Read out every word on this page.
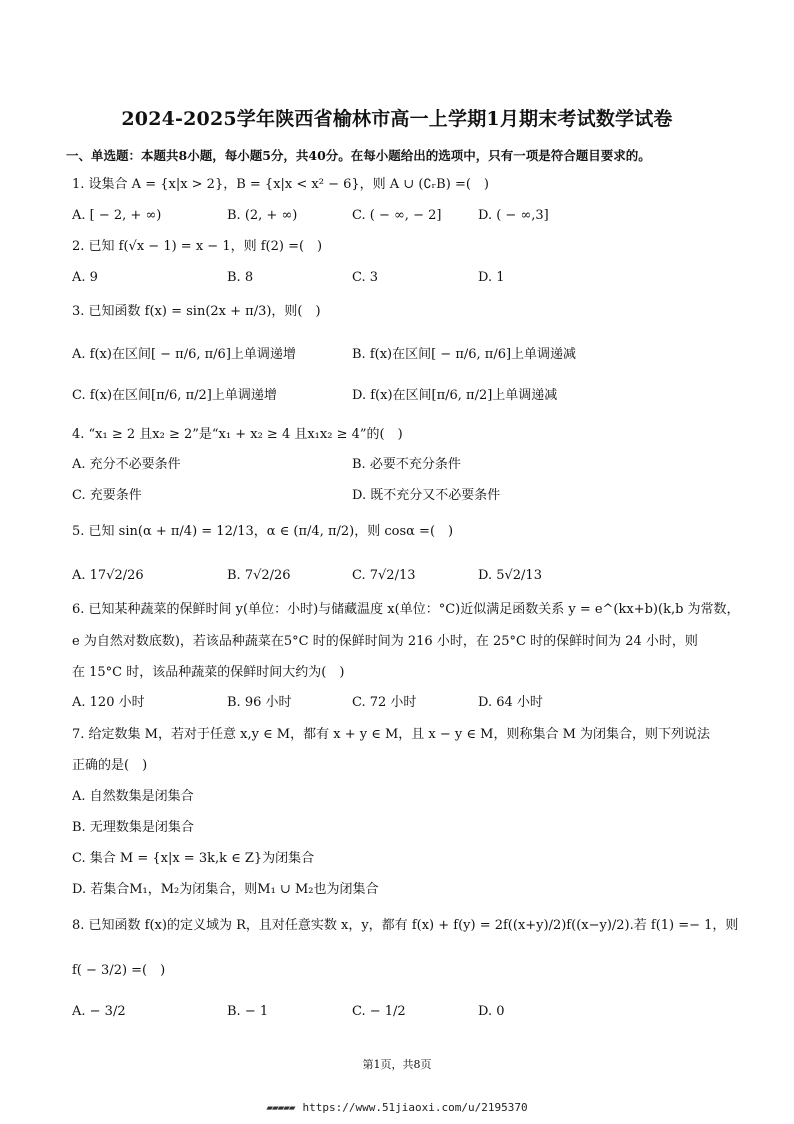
2024-2025学年陕西省榆林市高一上学期1月期末考试数学试卷
一、单选题：本题共8小题，每小题5分，共40分。在每小题给出的选项中，只有一项是符合题目要求的。
1. 设集合 A = {x|x > 2}，B = {x|x < x² − 6}，则 A ∪ (∁ᵣB) =(　)
A. [ − 2, + ∞)	B. (2, + ∞)	C. ( − ∞, − 2]	D. ( − ∞,3]
2. 已知 f(√x − 1) = x − 1，则 f(2) =(　)
A. 9	B. 8	C. 3	D. 1
3. 已知函数 f(x) = sin(2x + π/3)，则(　)
A. f(x)在区间[ − π/6, π/6]上单调递增	B. f(x)在区间[ − π/6, π/6]上单调递减
C. f(x)在区间[π/6, π/2]上单调递增	D. f(x)在区间[π/6, π/2]上单调递减
4. “x₁ ≥ 2 且x₂ ≥ 2”是“x₁ + x₂ ≥ 4 且x₁x₂ ≥ 4”的(　)
A. 充分不必要条件	B. 必要不充分条件
C. 充要条件	D. 既不充分又不必要条件
5. 已知 sin(α + π/4) = 12/13，α ∈ (π/4, π/2)，则 cosα =(　)
A. 17√2/26	B. 7√2/26	C. 7√2/13	D. 5√2/13
6. 已知某种蔬菜的保鲜时间 y(单位：小时)与储藏温度 x(单位：°C)近似满足函数关系 y = e^(kx+b)(k,b 为常数，
e 为自然对数底数)，若该品种蔬菜在5°C 时的保鲜时间为 216 小时，在 25°C 时的保鲜时间为 24 小时，则
在 15°C 时，该品种蔬菜的保鲜时间大约为(　)
A. 120 小时	B. 96 小时	C. 72 小时	D. 64 小时
7. 给定数集 M，若对于任意 x,y ∈ M，都有 x + y ∈ M，且 x − y ∈ M，则称集合 M 为闭集合，则下列说法
正确的是(　)
A. 自然数集是闭集合
B. 无理数集是闭集合
C. 集合 M = {x|x = 3k,k ∈ Z}为闭集合
D. 若集合M₁，M₂为闭集合，则M₁ ∪ M₂也为闭集合
8. 已知函数 f(x)的定义域为 R，且对任意实数 x，y，都有 f(x) + f(y) = 2f((x+y)/2)f((x−y)/2).若 f(1) =− 1，则
f( − 3/2) =(　)
A. − 3/2	B. − 1	C. − 1/2	D. 0
第1页，共8页
▰▰▰▰▰ https://www.51jiaoxi.com/u/2195370
